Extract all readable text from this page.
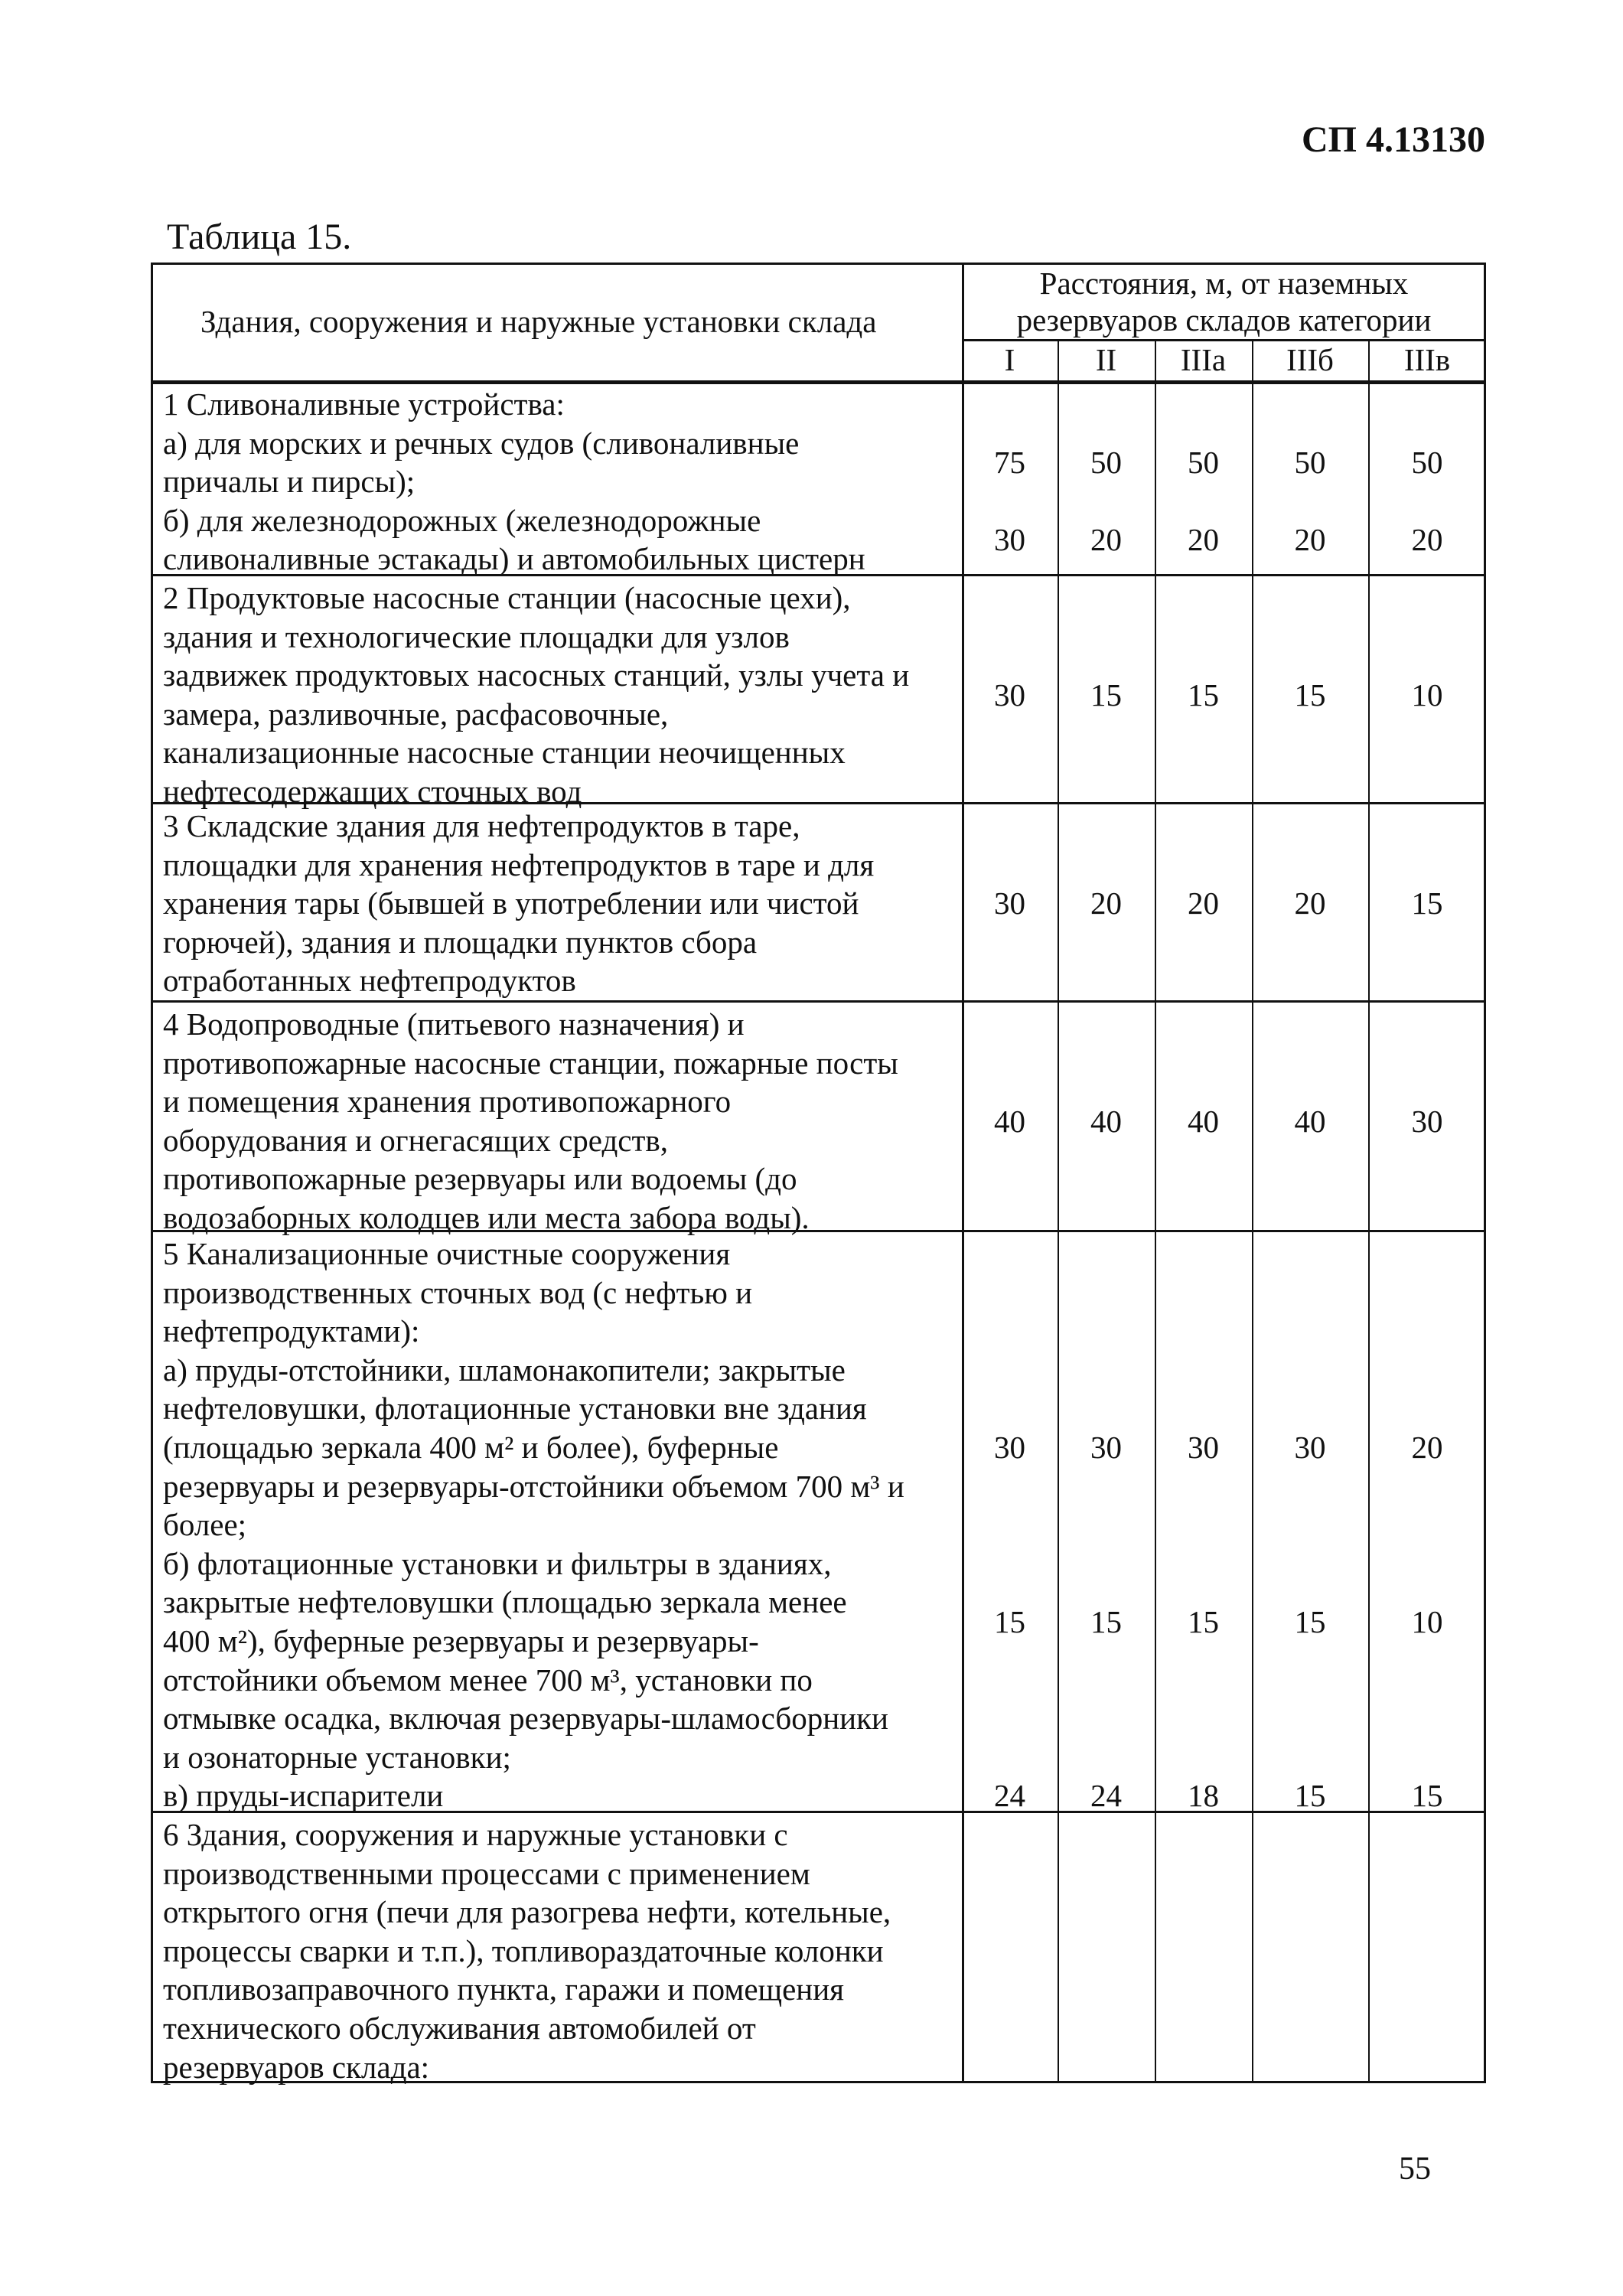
СП 4.13130
Таблица 15.
Здания, сооружения и наружные установки склада
Расстояния, м, от наземных
резервуаров складов категории
I	II	IIIа	IIIб	IIIв
1 Сливоналивные устройства:
а) для морских и речных судов (сливоналивные
причалы и пирсы);
б) для железнодорожных (железнодорожные
сливоналивные эстакады) и автомобильных цистерн
75	50	50	50	50
30	20	20	20	20
2 Продуктовые насосные станции (насосные цехи),
здания и технологические площадки для узлов
задвижек продуктовых насосных станций, узлы учета и
замера, разливочные, расфасовочные,
канализационные насосные станции неочищенных
нефтесодержащих сточных вод
30	15	15	15	10
3 Складские здания для нефтепродуктов в таре,
площадки для хранения нефтепродуктов в таре и для
хранения тары (бывшей в употреблении или чистой
горючей), здания и площадки пунктов сбора
отработанных нефтепродуктов
30	20	20	20	15
4 Водопроводные (питьевого назначения) и
противопожарные насосные станции, пожарные посты
и помещения хранения противопожарного
оборудования и огнегасящих средств,
противопожарные резервуары или водоемы (до
водозаборных колодцев или места забора воды).
40	40	40	40	30
5 Канализационные очистные сооружения
производственных сточных вод (с нефтью и
нефтепродуктами):
а) пруды-отстойники, шламонакопители; закрытые
нефтеловушки, флотационные установки вне здания
(площадью зеркала 400 м² и более), буферные
резервуары и резервуары-отстойники объемом 700 м³ и
более;
б) флотационные установки и фильтры в зданиях,
закрытые нефтеловушки (площадью зеркала менее
400 м²), буферные резервуары и резервуары-
отстойники объемом менее 700 м³, установки по
отмывке осадка, включая резервуары-шламосборники
и озонаторные установки;
в) пруды-испарители
30	30	30	30	20
15	15	15	15	10
24	24	18	15	15
6 Здания, сооружения и наружные установки с
производственными процессами с применением
открытого огня (печи для разогрева нефти, котельные,
процессы сварки и т.п.), топливораздаточные колонки
топливозаправочного пункта, гаражи и помещения
технического обслуживания автомобилей от
резервуаров склада:
55
